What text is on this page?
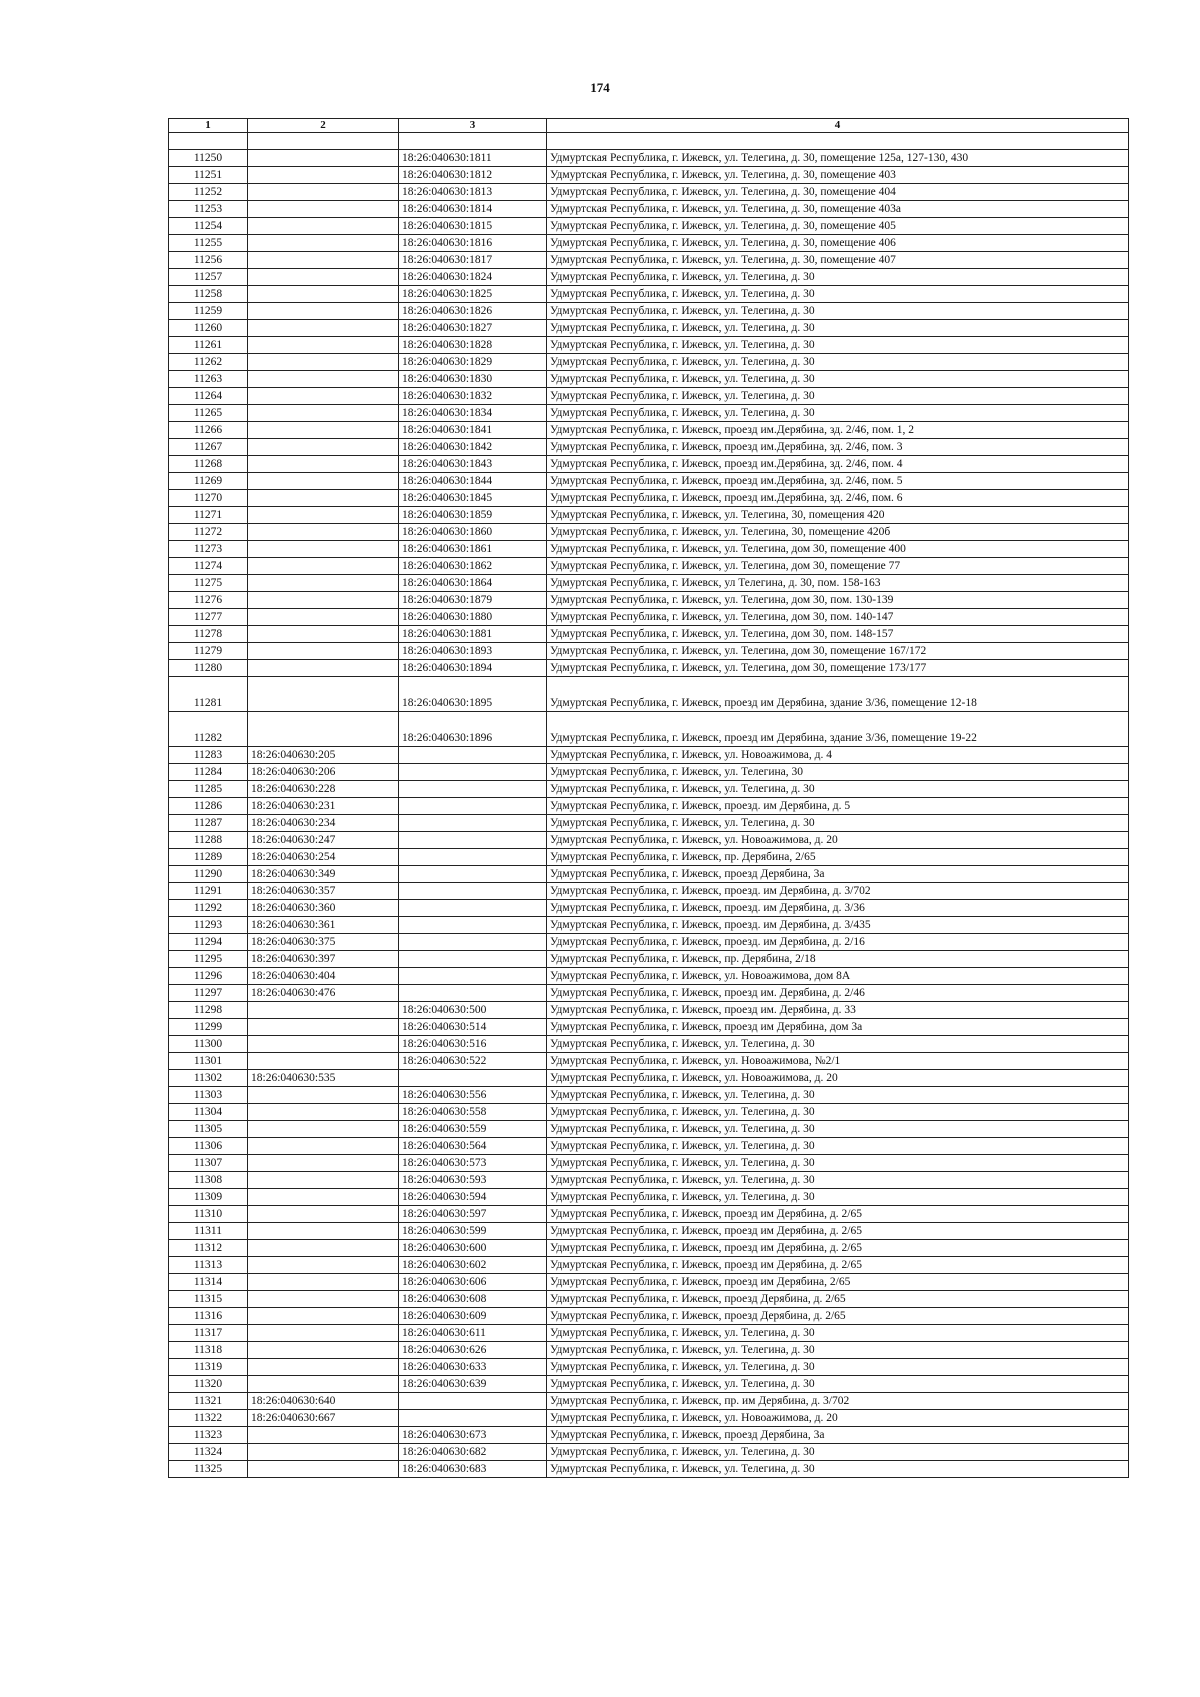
174
1	2	3	4

11250		18:26:040630:1811	Удмуртская Республика, г. Ижевск, ул. Телегина, д. 30, помещение 125а, 127-130, 430
11251		18:26:040630:1812	Удмуртская Республика, г. Ижевск, ул. Телегина, д. 30, помещение 403
11252		18:26:040630:1813	Удмуртская Республика, г. Ижевск, ул. Телегина, д. 30, помещение 404
11253		18:26:040630:1814	Удмуртская Республика, г. Ижевск, ул. Телегина, д. 30, помещение 403а
11254		18:26:040630:1815	Удмуртская Республика, г. Ижевск, ул. Телегина, д. 30, помещение 405
11255		18:26:040630:1816	Удмуртская Республика, г. Ижевск, ул. Телегина, д. 30, помещение 406
11256		18:26:040630:1817	Удмуртская Республика, г. Ижевск, ул. Телегина, д. 30, помещение 407
11257		18:26:040630:1824	Удмуртская Республика, г. Ижевск, ул. Телегина, д. 30
11258		18:26:040630:1825	Удмуртская Республика, г. Ижевск, ул. Телегина, д. 30
11259		18:26:040630:1826	Удмуртская Республика, г. Ижевск, ул. Телегина, д. 30
11260		18:26:040630:1827	Удмуртская Республика, г. Ижевск, ул. Телегина, д. 30
11261		18:26:040630:1828	Удмуртская Республика, г. Ижевск, ул. Телегина, д. 30
11262		18:26:040630:1829	Удмуртская Республика, г. Ижевск, ул. Телегина, д. 30
11263		18:26:040630:1830	Удмуртская Республика, г. Ижевск, ул. Телегина, д. 30
11264		18:26:040630:1832	Удмуртская Республика, г. Ижевск, ул. Телегина, д. 30
11265		18:26:040630:1834	Удмуртская Республика, г. Ижевск, ул. Телегина, д. 30
11266		18:26:040630:1841	Удмуртская Республика, г. Ижевск, проезд им.Дерябина, зд. 2/46, пом. 1, 2
11267		18:26:040630:1842	Удмуртская Республика, г. Ижевск, проезд им.Дерябина, зд. 2/46, пом. 3
11268		18:26:040630:1843	Удмуртская Республика, г. Ижевск, проезд им.Дерябина, зд. 2/46, пом. 4
11269		18:26:040630:1844	Удмуртская Республика, г. Ижевск, проезд им.Дерябина, зд. 2/46, пом. 5
11270		18:26:040630:1845	Удмуртская Республика, г. Ижевск, проезд им.Дерябина, зд. 2/46, пом. 6
11271		18:26:040630:1859	Удмуртская Республика, г. Ижевск, ул. Телегина, 30, помещения 420
11272		18:26:040630:1860	Удмуртская Республика, г. Ижевск, ул. Телегина, 30, помещение 420б
11273		18:26:040630:1861	Удмуртская Республика, г. Ижевск, ул. Телегина, дом 30, помещение 400
11274		18:26:040630:1862	Удмуртская Республика, г. Ижевск, ул. Телегина, дом 30, помещение 77
11275		18:26:040630:1864	Удмуртская Республика, г. Ижевск, ул Телегина, д. 30, пом. 158-163
11276		18:26:040630:1879	Удмуртская Республика, г. Ижевск, ул. Телегина, дом 30, пом. 130-139
11277		18:26:040630:1880	Удмуртская Республика, г. Ижевск, ул. Телегина, дом 30, пом. 140-147
11278		18:26:040630:1881	Удмуртская Республика, г. Ижевск, ул. Телегина, дом 30, пом. 148-157
11279		18:26:040630:1893	Удмуртская Республика, г. Ижевск, ул. Телегина, дом 30, помещение 167/172
11280		18:26:040630:1894	Удмуртская Республика, г. Ижевск, ул. Телегина, дом 30, помещение 173/177
11281		18:26:040630:1895	Удмуртская Республика, г. Ижевск, проезд им Дерябина, здание 3/36, помещение 12-18
11282		18:26:040630:1896	Удмуртская Республика, г. Ижевск, проезд им Дерябина, здание 3/36, помещение 19-22
11283	18:26:040630:205		Удмуртская Республика, г. Ижевск, ул. Новоажимова, д. 4
11284	18:26:040630:206		Удмуртская Республика, г. Ижевск, ул. Телегина, 30
11285	18:26:040630:228		Удмуртская Республика, г. Ижевск, ул. Телегина, д. 30
11286	18:26:040630:231		Удмуртская Республика, г. Ижевск, проезд. им Дерябина, д. 5
11287	18:26:040630:234		Удмуртская Республика, г. Ижевск, ул. Телегина, д. 30
11288	18:26:040630:247		Удмуртская Республика, г. Ижевск, ул. Новоажимова, д. 20
11289	18:26:040630:254		Удмуртская Республика, г. Ижевск, пр. Дерябина, 2/65
11290	18:26:040630:349		Удмуртская Республика, г. Ижевск, проезд Дерябина, 3а
11291	18:26:040630:357		Удмуртская Республика, г. Ижевск, проезд. им Дерябина, д. 3/702
11292	18:26:040630:360		Удмуртская Республика, г. Ижевск, проезд. им Дерябина, д. 3/36
11293	18:26:040630:361		Удмуртская Республика, г. Ижевск, проезд. им Дерябина, д. 3/435
11294	18:26:040630:375		Удмуртская Республика, г. Ижевск, проезд. им Дерябина, д. 2/16
11295	18:26:040630:397		Удмуртская Республика, г. Ижевск, пр. Дерябина, 2/18
11296	18:26:040630:404		Удмуртская Республика, г. Ижевск, ул. Новоажимова, дом 8А
11297	18:26:040630:476		Удмуртская Республика, г. Ижевск, проезд им. Дерябина, д. 2/46
11298		18:26:040630:500	Удмуртская Республика, г. Ижевск, проезд им. Дерябина, д. 33
11299		18:26:040630:514	Удмуртская Республика, г. Ижевск, проезд им Дерябина, дом 3а
11300		18:26:040630:516	Удмуртская Республика, г. Ижевск, ул. Телегина, д. 30
11301		18:26:040630:522	Удмуртская Республика, г. Ижевск, ул. Новоажимова, №2/1
11302	18:26:040630:535		Удмуртская Республика, г. Ижевск, ул. Новоажимова, д. 20
11303		18:26:040630:556	Удмуртская Республика, г. Ижевск, ул. Телегина, д. 30
11304		18:26:040630:558	Удмуртская Республика, г. Ижевск, ул. Телегина, д. 30
11305		18:26:040630:559	Удмуртская Республика, г. Ижевск, ул. Телегина, д. 30
11306		18:26:040630:564	Удмуртская Республика, г. Ижевск, ул. Телегина, д. 30
11307		18:26:040630:573	Удмуртская Республика, г. Ижевск, ул. Телегина, д. 30
11308		18:26:040630:593	Удмуртская Республика, г. Ижевск, ул. Телегина, д. 30
11309		18:26:040630:594	Удмуртская Республика, г. Ижевск, ул. Телегина, д. 30
11310		18:26:040630:597	Удмуртская Республика, г. Ижевск, проезд им Дерябина, д. 2/65
11311		18:26:040630:599	Удмуртская Республика, г. Ижевск, проезд им Дерябина, д. 2/65
11312		18:26:040630:600	Удмуртская Республика, г. Ижевск, проезд им Дерябина, д. 2/65
11313		18:26:040630:602	Удмуртская Республика, г. Ижевск, проезд им Дерябина, д. 2/65
11314		18:26:040630:606	Удмуртская Республика, г. Ижевск, проезд им Дерябина, 2/65
11315		18:26:040630:608	Удмуртская Республика, г. Ижевск, проезд Дерябина, д. 2/65
11316		18:26:040630:609	Удмуртская Республика, г. Ижевск, проезд Дерябина, д. 2/65
11317		18:26:040630:611	Удмуртская Республика, г. Ижевск, ул. Телегина, д. 30
11318		18:26:040630:626	Удмуртская Республика, г. Ижевск, ул. Телегина, д. 30
11319		18:26:040630:633	Удмуртская Республика, г. Ижевск, ул. Телегина, д. 30
11320		18:26:040630:639	Удмуртская Республика, г. Ижевск, ул. Телегина, д. 30
11321	18:26:040630:640		Удмуртская Республика, г. Ижевск, пр. им Дерябина, д. 3/702
11322	18:26:040630:667		Удмуртская Республика, г. Ижевск, ул. Новоажимова, д. 20
11323		18:26:040630:673	Удмуртская Республика, г. Ижевск, проезд Дерябина, 3а
11324		18:26:040630:682	Удмуртская Республика, г. Ижевск, ул. Телегина, д. 30
11325		18:26:040630:683	Удмуртская Республика, г. Ижевск, ул. Телегина, д. 30
